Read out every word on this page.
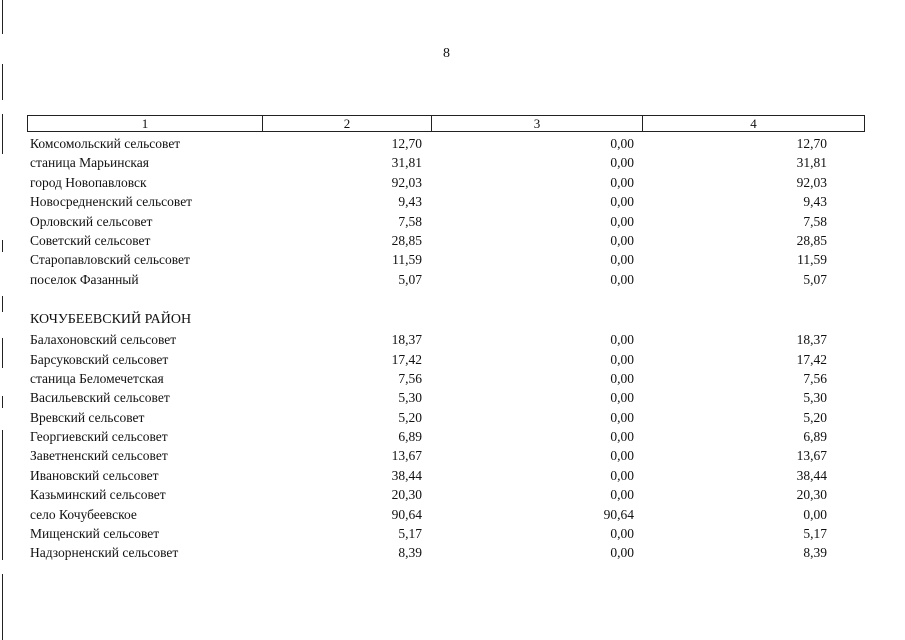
8
1	2	3	4
Комсомольский сельсовет	12,70	0,00	12,70
станица Марьинская	31,81	0,00	31,81
город Новопавловск	92,03	0,00	92,03
Новосредненский сельсовет	9,43	0,00	9,43
Орловский сельсовет	7,58	0,00	7,58
Советский сельсовет	28,85	0,00	28,85
Старопавловский сельсовет	11,59	0,00	11,59
поселок Фазанный	5,07	0,00	5,07
КОЧУБЕЕВСКИЙ РАЙОН
Балахоновский сельсовет	18,37	0,00	18,37
Барсуковский сельсовет	17,42	0,00	17,42
станица Беломечетская	7,56	0,00	7,56
Васильевский сельсовет	5,30	0,00	5,30
Вревский сельсовет	5,20	0,00	5,20
Георгиевский сельсовет	6,89	0,00	6,89
Заветненский сельсовет	13,67	0,00	13,67
Ивановский сельсовет	38,44	0,00	38,44
Казьминский сельсовет	20,30	0,00	20,30
село Кочубеевское	90,64	90,64	0,00
Мищенский сельсовет	5,17	0,00	5,17
Надзорненский сельсовет	8,39	0,00	8,39
